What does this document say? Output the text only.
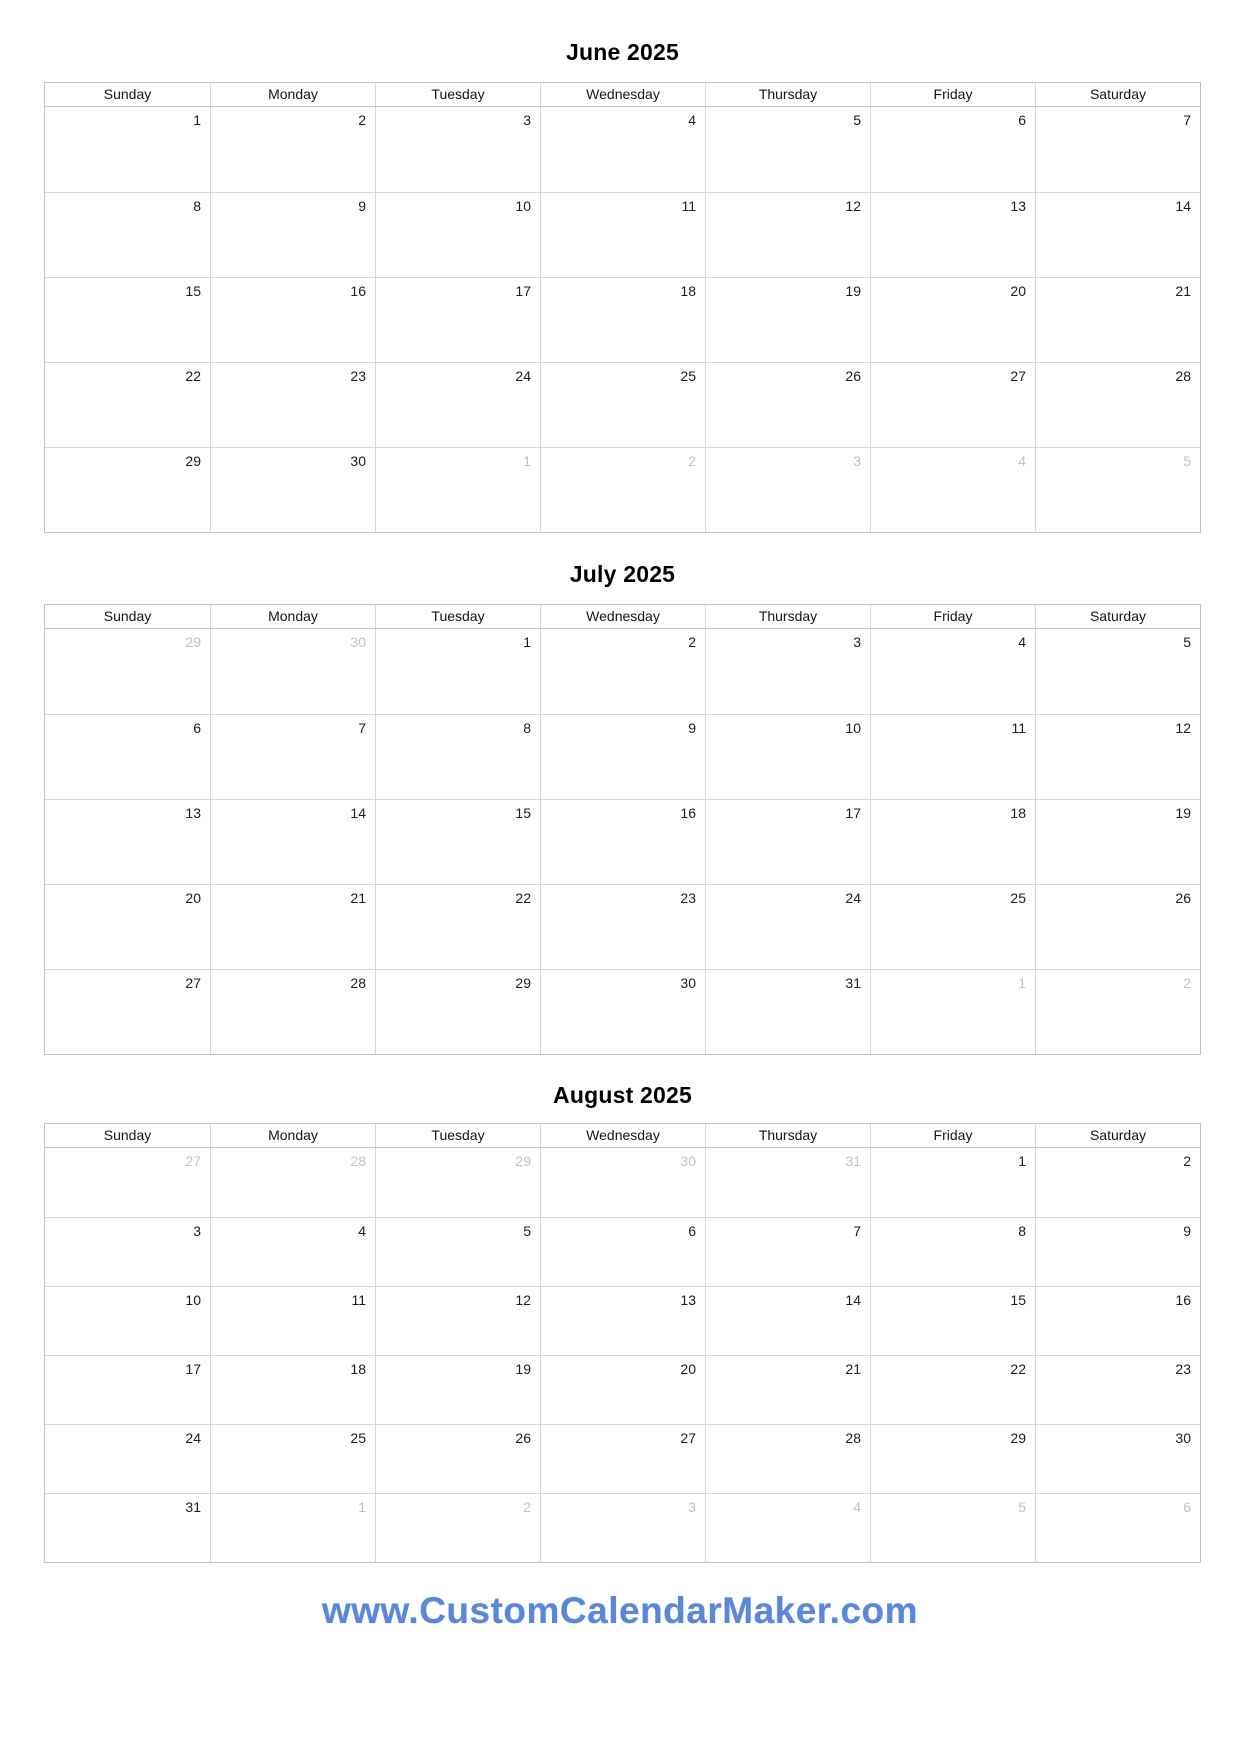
June 2025
Sunday	Monday	Tuesday	Wednesday	Thursday	Friday	Saturday
1	2	3	4	5	6	7
8	9	10	11	12	13	14
15	16	17	18	19	20	21
22	23	24	25	26	27	28
29	30	1	2	3	4	5
July 2025
Sunday	Monday	Tuesday	Wednesday	Thursday	Friday	Saturday
29	30	1	2	3	4	5
6	7	8	9	10	11	12
13	14	15	16	17	18	19
20	21	22	23	24	25	26
27	28	29	30	31	1	2
August 2025
Sunday	Monday	Tuesday	Wednesday	Thursday	Friday	Saturday
27	28	29	30	31	1	2
3	4	5	6	7	8	9
10	11	12	13	14	15	16
17	18	19	20	21	22	23
24	25	26	27	28	29	30
31	1	2	3	4	5	6
www.CustomCalendarMaker.com
